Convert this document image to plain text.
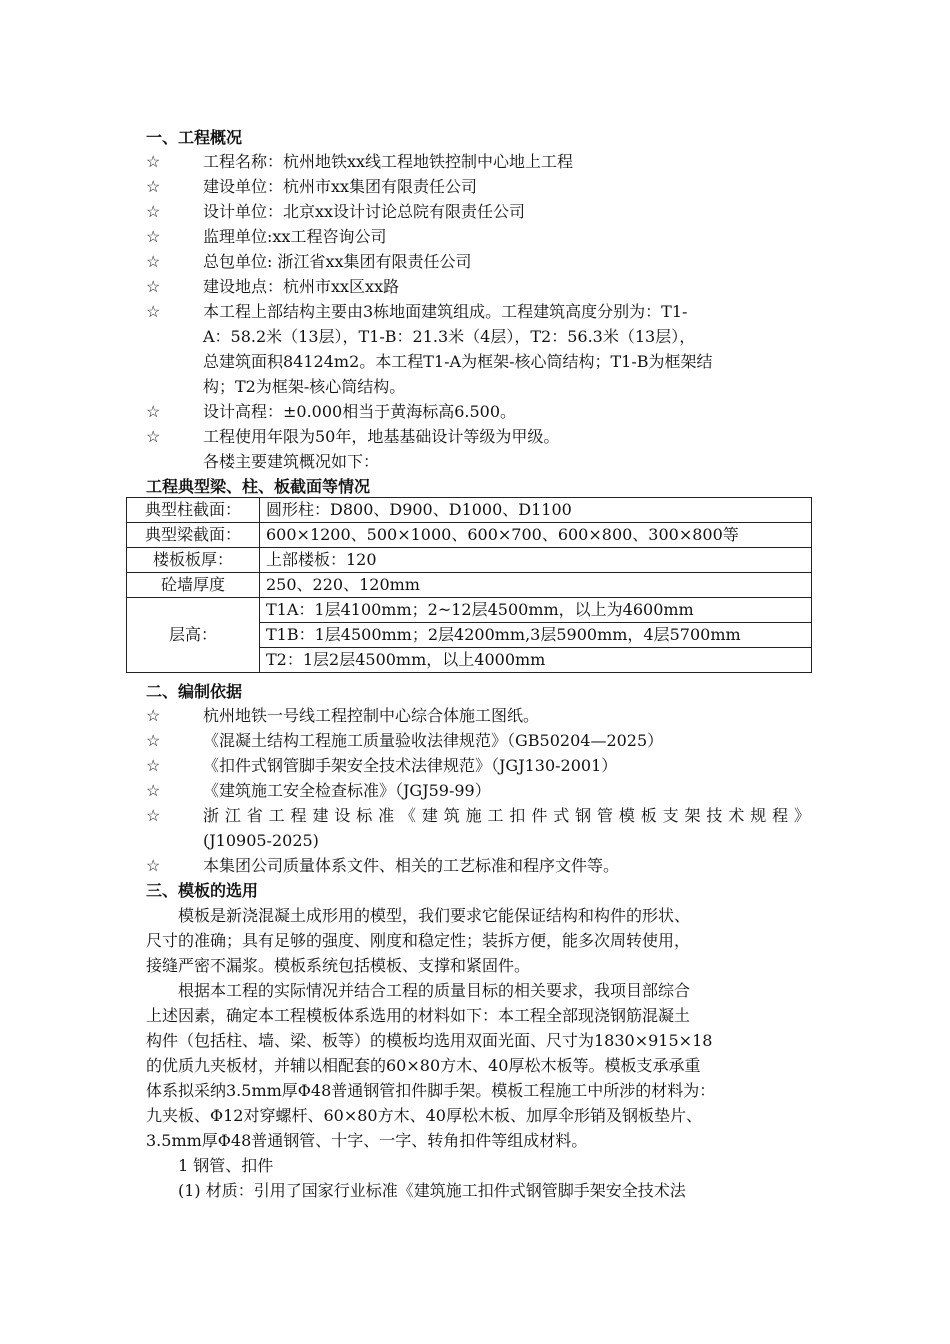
一、工程概况
☆	工程名称：杭州地铁xx线工程地铁控制中心地上工程
☆	建设单位：杭州市xx集团有限责任公司
☆	设计单位：北京xx设计讨论总院有限责任公司
☆	监理单位:xx工程咨询公司
☆	总包单位: 浙江省xx集团有限责任公司
☆	建设地点：杭州市xx区xx路
☆	本工程上部结构主要由3栋地面建筑组成。工程建筑高度分别为：T1-
A：58.2米（13层），T1-B：21.3米（4层），T2：56.3米（13层），
总建筑面积84124m2。本工程T1-A为框架-核心筒结构；T1-B为框架结
构；T2为框架-核心筒结构。
☆	设计高程：±0.000相当于黄海标高6.500。
☆	工程使用年限为50年，地基基础设计等级为甲级。
各楼主要建筑概况如下：
工程典型梁、柱、板截面等情况
典型柱截面：	圆形柱：D800、D900、D1000、D1100
典型梁截面：	600×1200、500×1000、600×700、600×800、300×800等
楼板板厚：	上部楼板：120
砼墙厚度	250、220、120mm
层高：	T1A：1层4100mm；2~12层4500mm，以上为4600mm
	T1B：1层4500mm；2层4200mm,3层5900mm，4层5700mm
	T2：1层2层4500mm，以上4000mm
二、编制依据
☆	杭州地铁一号线工程控制中心综合体施工图纸。
☆	《混凝土结构工程施工质量验收法律规范》（GB50204—2025）
☆	《扣件式钢管脚手架安全技术法律规范》（JGJ130-2001）
☆	《建筑施工安全检查标准》（JGJ59-99）
☆	浙江省工程建设标准《建筑施工扣件式钢管模板支架技术规程》
(J10905-2025)
☆	本集团公司质量体系文件、相关的工艺标准和程序文件等。
三、模板的选用
　　模板是新浇混凝土成形用的模型，我们要求它能保证结构和构件的形状、
尺寸的准确；具有足够的强度、刚度和稳定性；装拆方便，能多次周转使用，
接缝严密不漏浆。模板系统包括模板、支撑和紧固件。
　　根据本工程的实际情况并结合工程的质量目标的相关要求，我项目部综合
上述因素，确定本工程模板体系选用的材料如下：本工程全部现浇钢筋混凝土
构件（包括柱、墙、梁、板等）的模板均选用双面光面、尺寸为1830×915×18
的优质九夹板材，并辅以相配套的60×80方木、40厚松木板等。模板支承承重
体系拟采纳3.5mm厚Φ48普通钢管扣件脚手架。模板工程施工中所涉的材料为：
九夹板、Φ12对穿螺杆、60×80方木、40厚松木板、加厚伞形销及钢板垫片、
3.5mm厚Φ48普通钢管、十字、一字、转角扣件等组成材料。
　　1 钢管、扣件
　　(1) 材质：引用了国家行业标准《建筑施工扣件式钢管脚手架安全技术法
